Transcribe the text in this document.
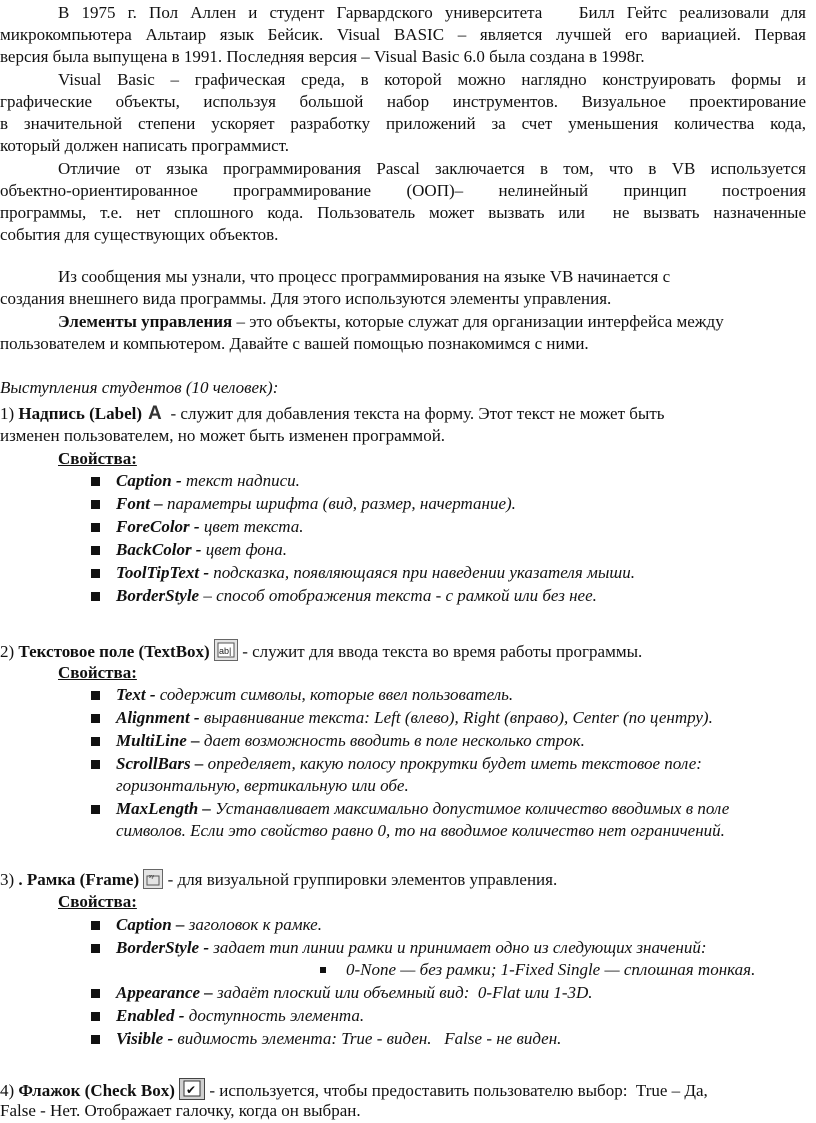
В 1975 г. Пол Аллен и студент Гарвардского университета   Билл Гейтс реализовали для
микрокомпьютера Альтаир язык Бейсик. Visual BASIC – является лучшей его вариацией. Первая
версия была выпущена в 1991. Последняя версия – Visual Basic 6.0 была создана в 1998г.
Visual Basic – графическая среда, в которой можно наглядно конструировать формы и
графические объекты, используя большой набор инструментов. Визуальное проектирование
в значительной степени ускоряет разработку приложений за счет уменьшения количества кода,
который должен написать программист.
Отличие от языка программирования Pascal заключается в том, что в VB используется
объектно-ориентированное программирование (ООП)– нелинейный принцип построения
программы, т.е. нет сплошного кода. Пользователь может вызвать или  не вызвать назначенные
события для существующих объектов.
Из сообщения мы узнали, что процесс программирования на языке VB начинается с
создания внешнего вида программы. Для этого используются элементы управления.
Элементы управления – это объекты, которые служат для организации интерфейса между
пользователем и компьютером. Давайте с вашей помощью познакомимся с ними.
Выступления студентов (10 человек):
1) Надпись (Label) A - служит для добавления текста на форму. Этот текст не может быть
изменен пользователем, но может быть изменен программой.
Свойства:
Caption - текст надписи.
Font – параметры шрифта (вид, размер, начертание).
ForeColor - цвет текста.
BackColor - цвет фона.
ToolTipText - подсказка, появляющаяся при наведении указателя мыши.
BorderStyle – способ отображения текста - с рамкой или без нее.
2) Текстовое поле (TextBox) ab| - служит для ввода текста во время работы программы.
Свойства:
Text - содержит символы, которые ввел пользователь.
Alignment - выравнивание текста: Left (влево), Right (вправо), Center (по центру).
MultiLine – дает возможность вводить в поле несколько строк.
ScrollBars – определяет, какую полосу прокрутки будет иметь текстовое поле:
горизонтальную, вертикальную или обе.
MaxLength – Устанавливает максимально допустимое количество вводимых в поле
символов. Если это свойство равно 0, то на вводимое количество нет ограничений.
3) . Рамка (Frame) xy - для визуальной группировки элементов управления.
Свойства:
Caption – заголовок к рамке.
BorderStyle - задает тип линии рамки и принимает одно из следующих значений:
0-None — без рамки; 1-Fixed Single — сплошная тонкая.
Appearance – задаёт плоский или объемный вид:  0-Flat или 1-3D.
Enabled - доступность элемента.
Visible - видимость элемента: True - виден.   False - не виден.
4) Флажок (Check Box) ✔ - используется, чтобы предоставить пользователю выбор:  True – Да,
False - Нет. Отображает галочку, когда он выбран.
